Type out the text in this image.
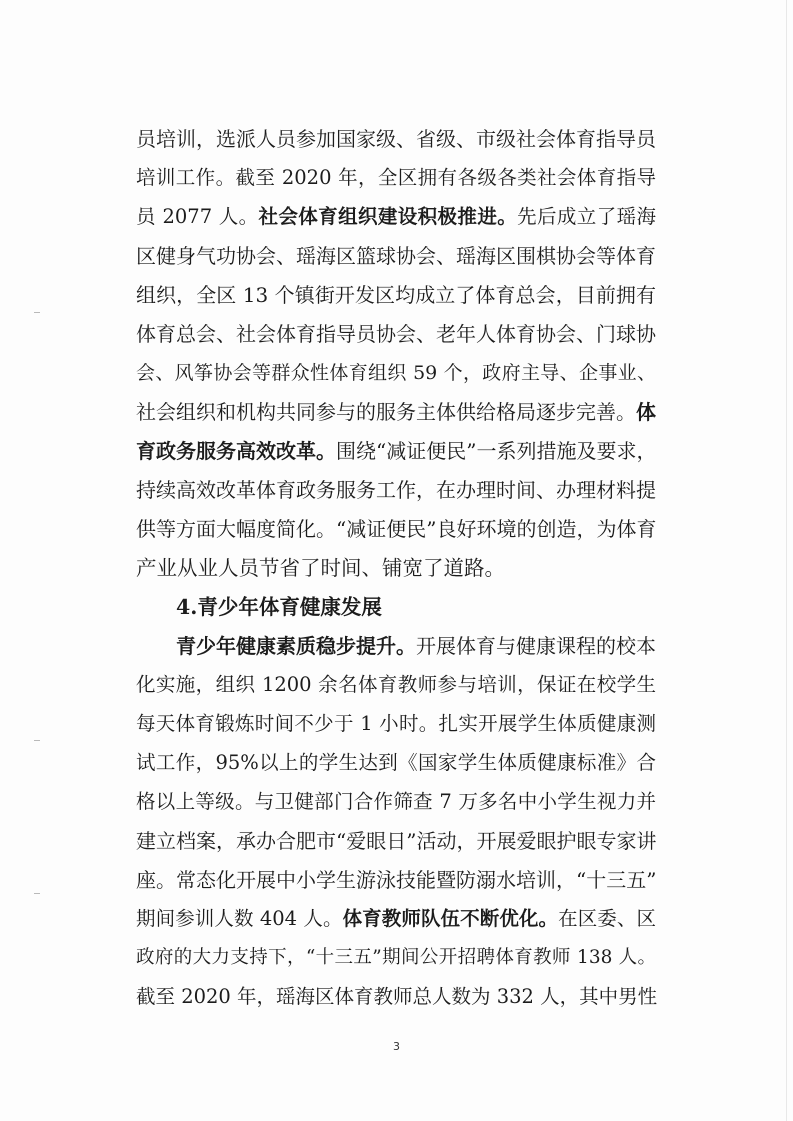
员培训，选派人员参加国家级、省级、市级社会体育指导员
培训工作。截至 2020 年，全区拥有各级各类社会体育指导
员 2077 人。社会体育组织建设积极推进。先后成立了瑶海
区健身气功协会、瑶海区篮球协会、瑶海区围棋协会等体育
组织，全区 13 个镇街开发区均成立了体育总会，目前拥有
体育总会、社会体育指导员协会、老年人体育协会、门球协
会、风筝协会等群众性体育组织 59 个，政府主导、企事业、
社会组织和机构共同参与的服务主体供给格局逐步完善。体
育政务服务高效改革。围绕“减证便民”一系列措施及要求，
持续高效改革体育政务服务工作，在办理时间、办理材料提
供等方面大幅度简化。“减证便民”良好环境的创造，为体育
产业从业人员节省了时间、铺宽了道路。
4.青少年体育健康发展
青少年健康素质稳步提升。开展体育与健康课程的校本
化实施，组织 1200 余名体育教师参与培训，保证在校学生
每天体育锻炼时间不少于 1 小时。扎实开展学生体质健康测
试工作，95%以上的学生达到《国家学生体质健康标准》合
格以上等级。与卫健部门合作筛查 7 万多名中小学生视力并
建立档案，承办合肥市“爱眼日”活动，开展爱眼护眼专家讲
座。常态化开展中小学生游泳技能暨防溺水培训，“十三五”
期间参训人数 404 人。体育教师队伍不断优化。在区委、区
政府的大力支持下，“十三五”期间公开招聘体育教师 138 人。
截至 2020 年，瑶海区体育教师总人数为 332 人，其中男性
3
